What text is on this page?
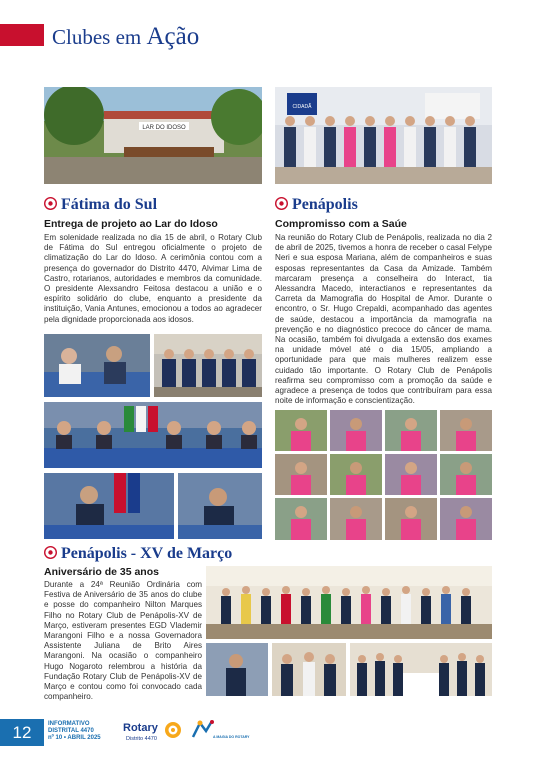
Clubes em Ação
LAR DO IDOSO
Fátima do Sul
Entrega de projeto ao Lar do Idoso
Em solenidade realizada no dia 15 de abril, o Rotary Club de Fátima do Sul entregou oficialmente o projeto de climatização do Lar do Idoso. A cerimônia contou com a presença do governador do Distrito 4470, Alvimar Lima de Castro, rotarianos, autoridades e membros da comunidade. O presidente Alexsandro Feitosa destacou a união e o espírito solidário do clube, enquanto a presidente da instituição, Vania Antunes, emocionou a todos ao agradecer pela dignidade proporcionada aos idosos.
CIDADÃ
Penápolis
Compromisso com a Saúe
Na reunião do Rotary Club de Penápolis, realizada no dia 2 de abril de 2025, tivemos a honra de receber o casal Felype Neri e sua esposa Mariana, além de companheiros e suas esposas representantes da Casa da Amizade. Também marcaram presença a conselheira do Interact, tia Alessandra Macedo, interactianos e representantes da Carreta da Mamografia do Hospital de Amor. Durante o encontro, o Sr. Hugo Crepaldi, acompanhado das agentes de saúde, destacou a importância da mamografia na prevenção e no diagnóstico precoce do câncer de mama. Na ocasião, também foi divulgada a extensão dos exames na unidade móvel até o dia 15/05, ampliando a oportunidade para que mais mulheres realizem esse cuidado tão importante. O Rotary Club de Penápolis reafirma seu compromisso com a promoção da saúde e agradece a presença de todos que contribuíram para essa noite de informação e conscientização.
Penápolis - XV de Março
Aniversário de 35 anos
Durante a 24ª Reunião Ordinária com Festiva de Aniversário de 35 anos do clube e posse do companheiro Nilton Marques Filho no Rotary Club de Penápolis-XV de Março, estiveram presentes EGD Vlademir Marangoni Filho e a nossa Governadora Assistente Juliana de Brito Aires Marangoni. Na ocasião o companheiro Hugo Nogaroto relembrou a história da Fundação Rotary Club de Penápolis-XV de Março e contou como foi convocado cada companheiro.
12	INFORMATIVO
DISTRITAL 4470
nº 10 • ABRIL 2025
Rotary
Distrito 4470	A MAGIA DO ROTARY
